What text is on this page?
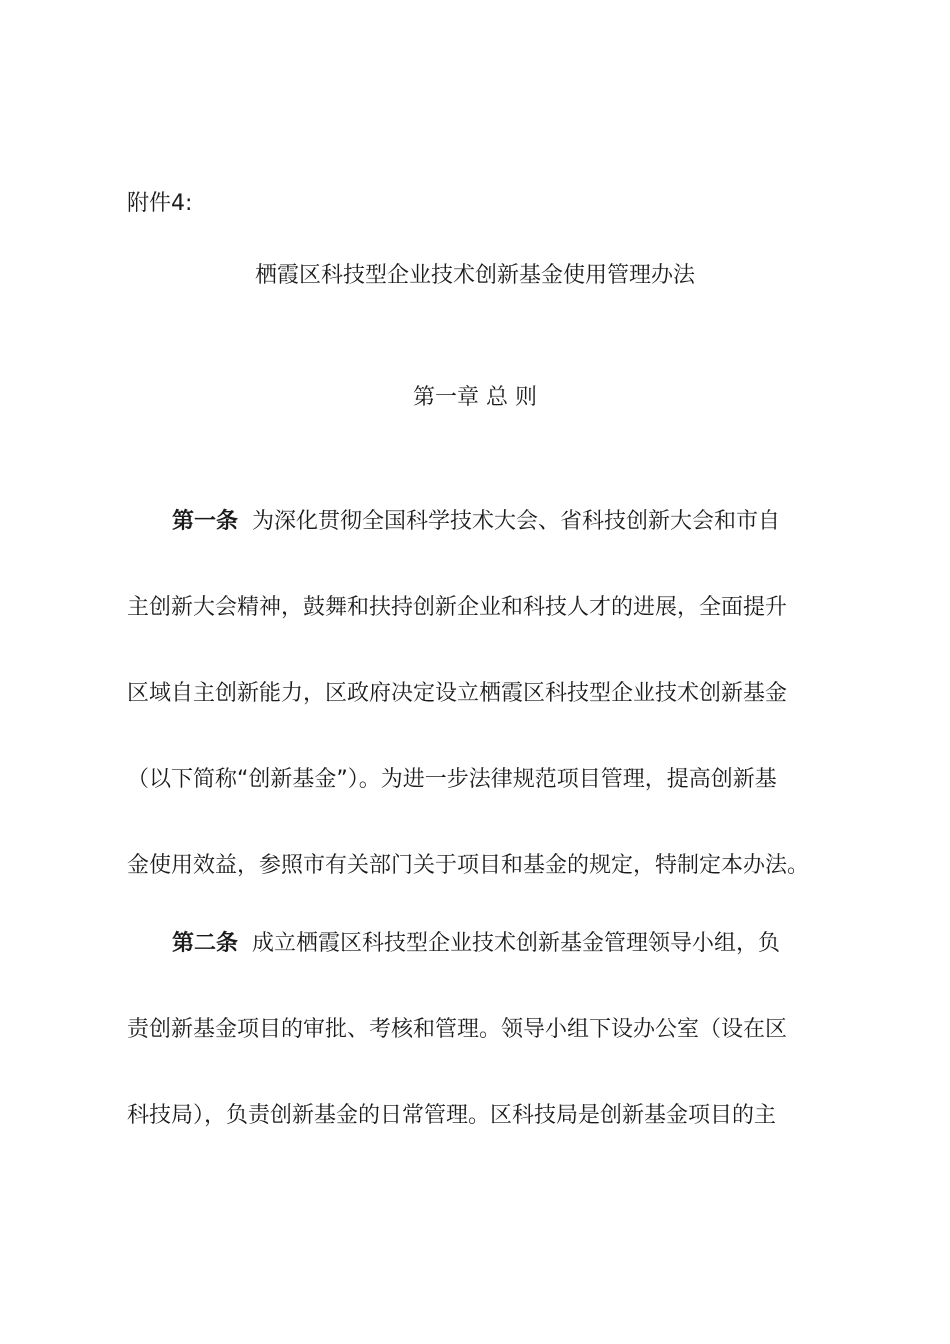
附件4:
栖霞区科技型企业技术创新基金使用管理办法
第一章 总 则
第一条 为深化贯彻全国科学技术大会、省科技创新大会和市自
主创新大会精神，鼓舞和扶持创新企业和科技人才的进展，全面提升
区域自主创新能力，区政府决定设立栖霞区科技型企业技术创新基金
（以下简称“创新基金”）。为进一步法律规范项目管理，提高创新基
金使用效益，参照市有关部门关于项目和基金的规定，特制定本办法。
第二条 成立栖霞区科技型企业技术创新基金管理领导小组，负
责创新基金项目的审批、考核和管理。领导小组下设办公室（设在区
科技局），负责创新基金的日常管理。区科技局是创新基金项目的主
